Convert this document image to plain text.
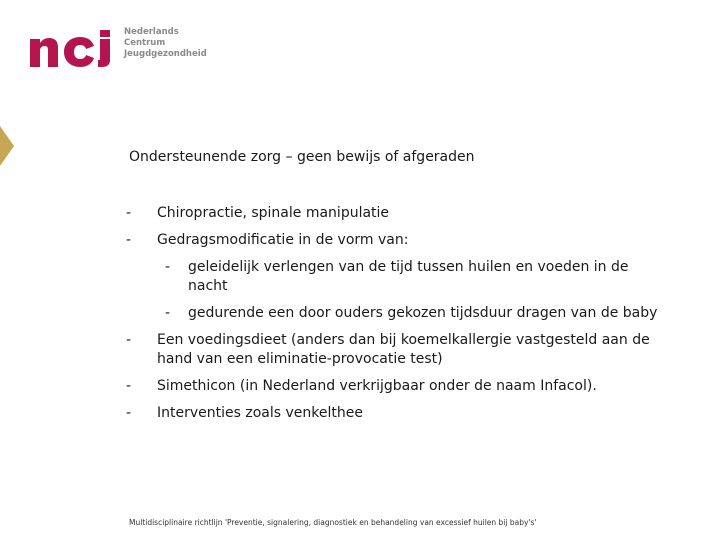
Nederlands
Centrum
Jeugdgezondheid
Ondersteunende zorg – geen bewijs of afgeraden
-	Chiropractie, spinale manipulatie
-	Gedragsmodificatie in de vorm van:
- geleidelijk verlengen van de tijd tussen huilen en voeden in de nacht
- gedurende een door ouders gekozen tijdsduur dragen van de baby
-	Een voedingsdieet (anders dan bij koemelkallergie vastgesteld aan de hand van een eliminatie-provocatie test)
-	Simethicon (in Nederland verkrijgbaar onder de naam Infacol).
-	Interventies zoals venkelthee
Multidisciplinaire richtlijn 'Preventie, signalering, diagnostiek en behandeling van excessief huilen bij baby's'
